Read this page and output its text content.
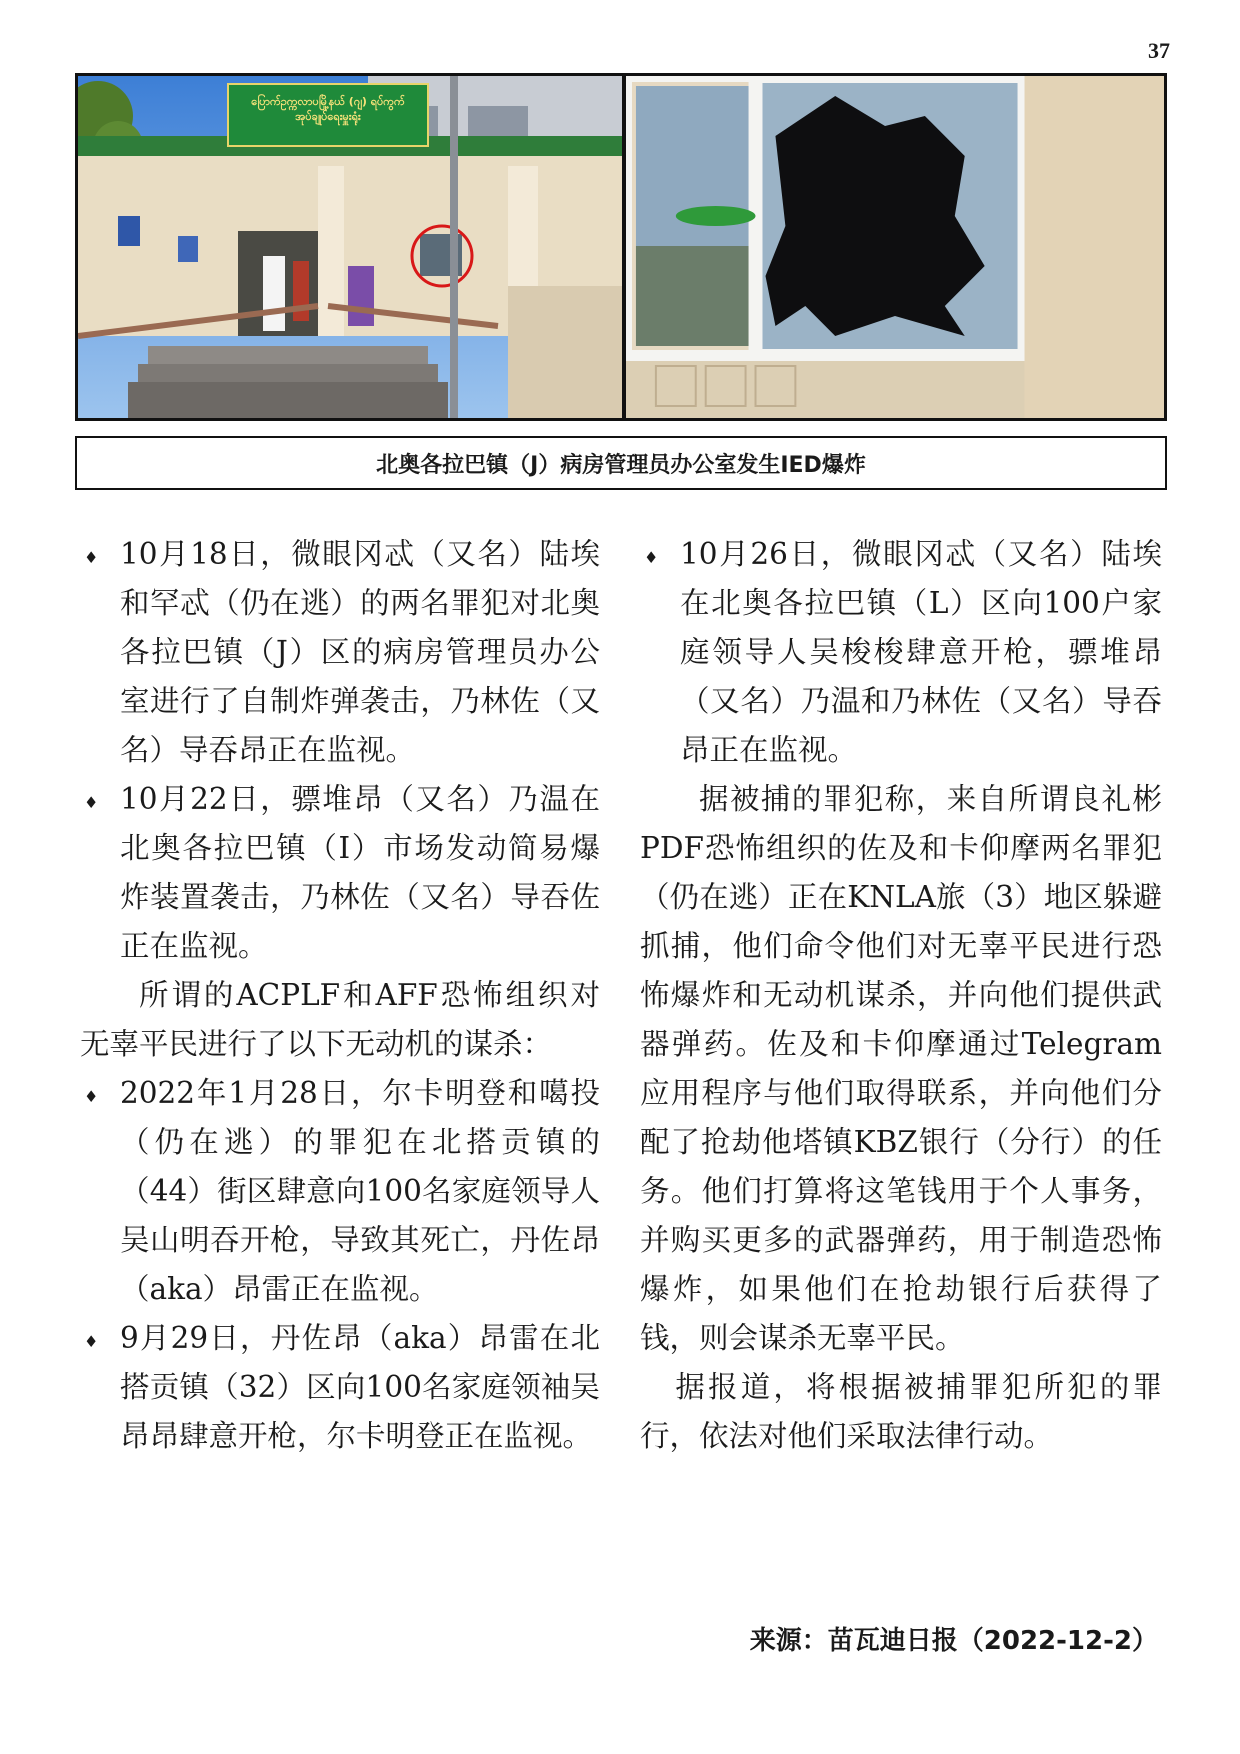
37
ပြောက်ဥက္ကလာပမြို့နယ် (ဂျ) ရပ်ကွက် အုပ်ချုပ်ရေးမှူးရုံး
北奥各拉巴镇（J）病房管理员办公室发生IED爆炸

♦ 10月18日，微眼冈忒（又名）陆埃和罕忒（仍在逃）的两名罪犯对北奥各拉巴镇（J）区的病房管理员办公室进行了自制炸弹袭击，乃林佐（又名）导吞昂正在监视。

♦ 10月22日，骠堆昂（又名）乃温在北奥各拉巴镇（I）市场发动简易爆炸装置袭击，乃林佐（又名）导吞佐正在监视。

所谓的ACPLF和AFF恐怖组织对无辜平民进行了以下无动机的谋杀：

♦ 2022年1月28日，尔卡明登和噶投（仍在逃）的罪犯在北搭贡镇的（44）街区肆意向100名家庭领导人吴山明吞开枪，导致其死亡，丹佐昂（aka）昂雷正在监视。

♦ 9月29日，丹佐昂（aka）昂雷在北搭贡镇（32）区向100名家庭领袖吴昂昂肆意开枪，尔卡明登正在监视。

♦ 10月26日，微眼冈忒（又名）陆埃在北奥各拉巴镇（L）区向100户家庭领导人吴梭梭肆意开枪，骠堆昂（又名）乃温和乃林佐（又名）导吞昂正在监视。

据被捕的罪犯称，来自所谓良礼彬 PDF恐怖组织的佐及和卡仰摩两名罪犯（仍在逃）正在KNLA旅（3）地区躲避抓捕，他们命令他们对无辜平民进行恐怖爆炸和无动机谋杀，并向他们提供武器弹药。佐及和卡仰摩通过Telegram应用程序与他们取得联系，并向他们分配了抢劫他塔镇KBZ银行（分行）的任务。他们打算将这笔钱用于个人事务，并购买更多的武器弹药，用于制造恐怖爆炸，如果他们在抢劫银行后获得了钱，则会谋杀无辜平民。

据报道，将根据被捕罪犯所犯的罪行，依法对他们采取法律行动。

来源：苗瓦迪日报（2022-12-2）
